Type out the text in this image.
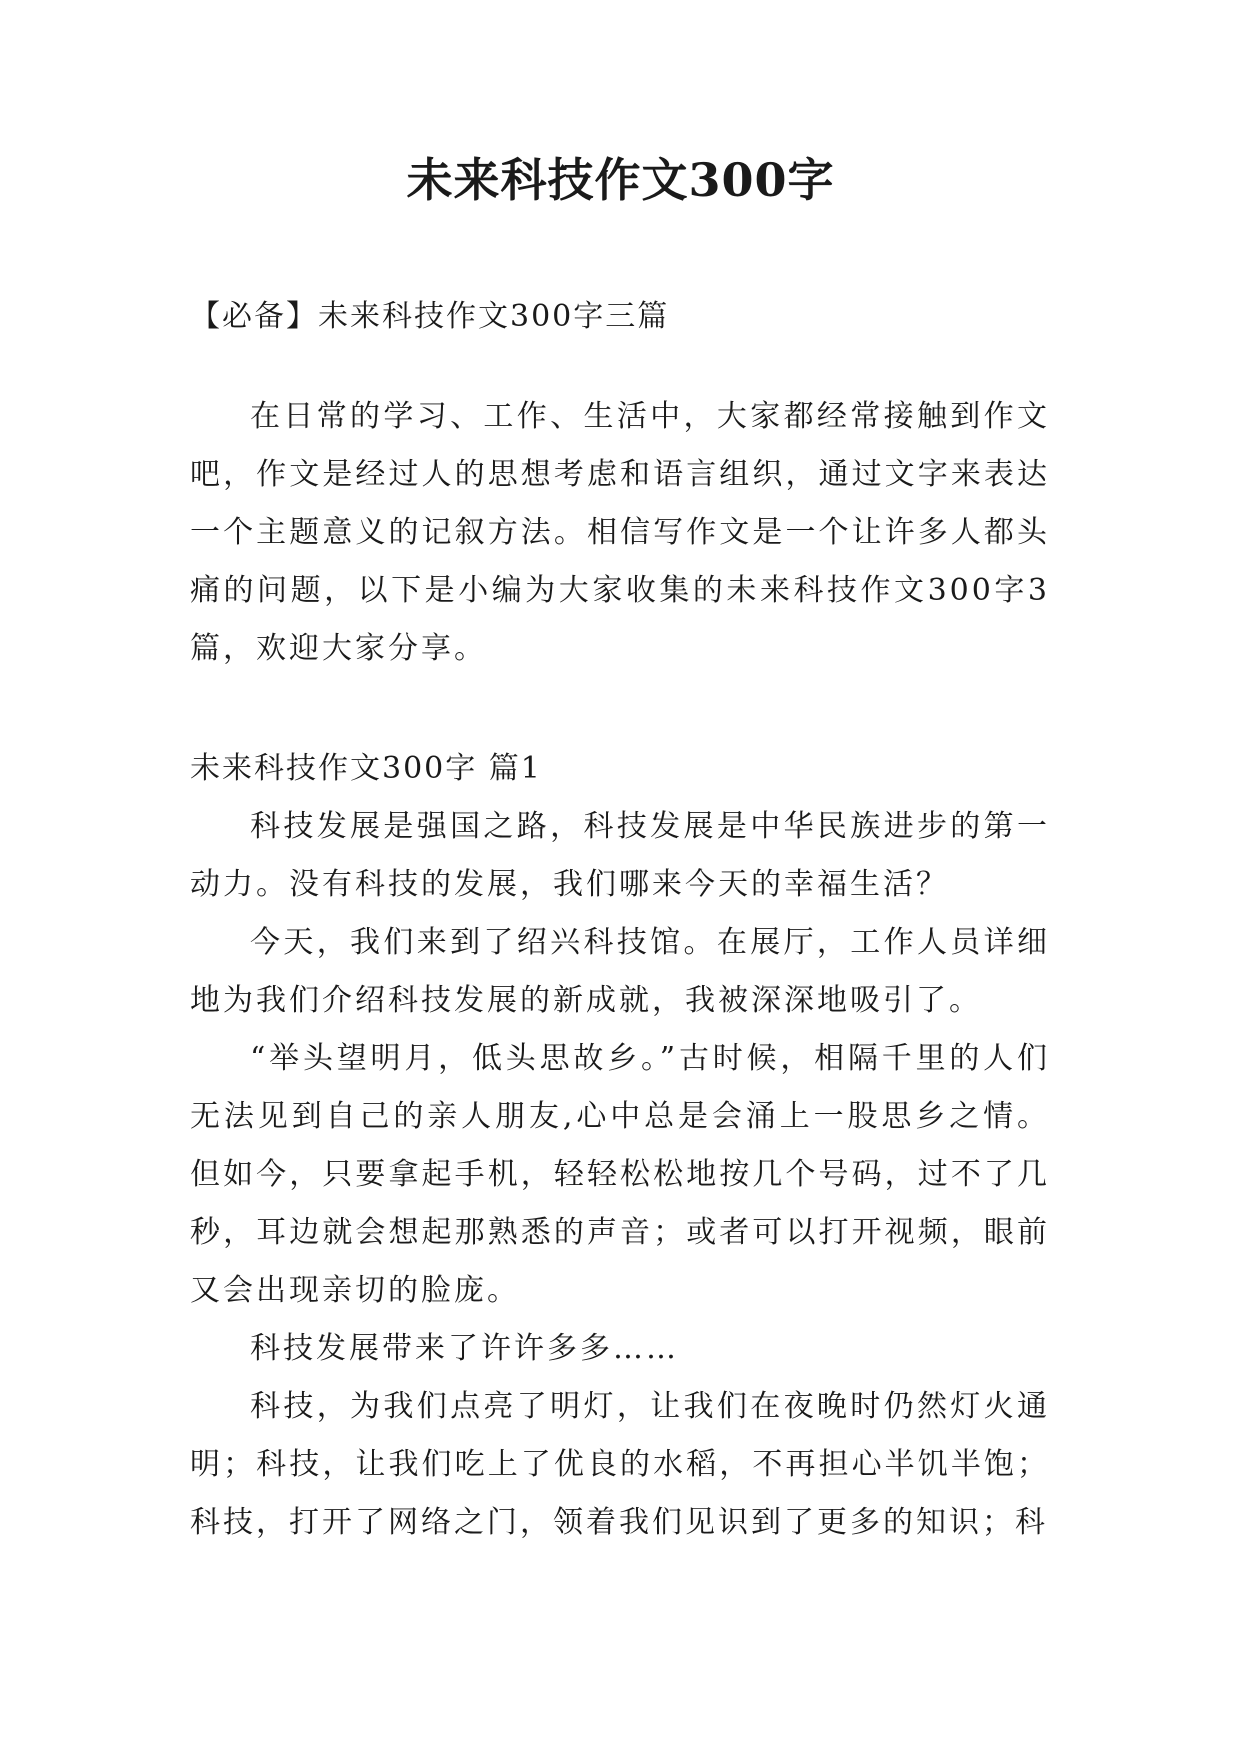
未来科技作文300字

【必备】未来科技作文300字三篇

在日常的学习、工作、生活中，大家都经常接触到作文吧，作文是经过人的思想考虑和语言组织，通过文字来表达一个主题意义的记叙方法。相信写作文是一个让许多人都头痛的问题，以下是小编为大家收集的未来科技作文300字3篇，欢迎大家分享。

未来科技作文300字 篇1

科技发展是强国之路，科技发展是中华民族进步的第一动力。没有科技的发展，我们哪来今天的幸福生活？

今天，我们来到了绍兴科技馆。在展厅，工作人员详细地为我们介绍科技发展的新成就，我被深深地吸引了。

“举头望明月，低头思故乡。”古时候，相隔千里的人们无法见到自己的亲人朋友,心中总是会涌上一股思乡之情。但如今，只要拿起手机，轻轻松松地按几个号码，过不了几秒，耳边就会想起那熟悉的声音；或者可以打开视频，眼前又会出现亲切的脸庞。

科技发展带来了许许多多……

科技，为我们点亮了明灯，让我们在夜晚时仍然灯火通明；科技，让我们吃上了优良的水稻，不再担心半饥半饱；科技，打开了网络之门，领着我们见识到了更多的知识；科
